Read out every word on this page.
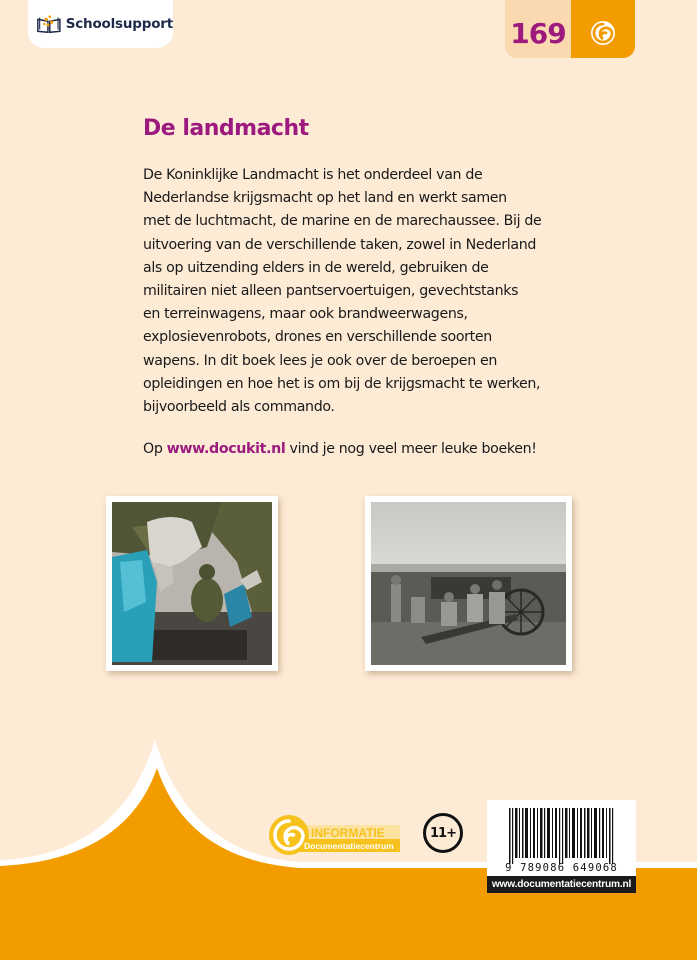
Schoolsupport	169
De landmacht
De Koninklijke Landmacht is het onderdeel van de
Nederlandse krijgsmacht op het land en werkt samen
met de luchtmacht, de marine en de marechaussee. Bij de
uitvoering van de verschillende taken, zowel in Nederland
als op uitzending elders in de wereld, gebruiken de
militairen niet alleen pantservoertuigen, gevechtstanks
en terreinwagens, maar ook brandweerwagens,
explosievenrobots, drones en verschillende soorten
wapens. In dit boek lees je ook over de beroepen en
opleidingen en hoe het is om bij de krijgsmacht te werken,
bijvoorbeeld als commando.
Op www.docukit.nl vind je nog veel meer leuke boeken!
INFORMATIE
Documentatiecentrum
11+
9 789086 649068
www.documentatiecentrum.nl
